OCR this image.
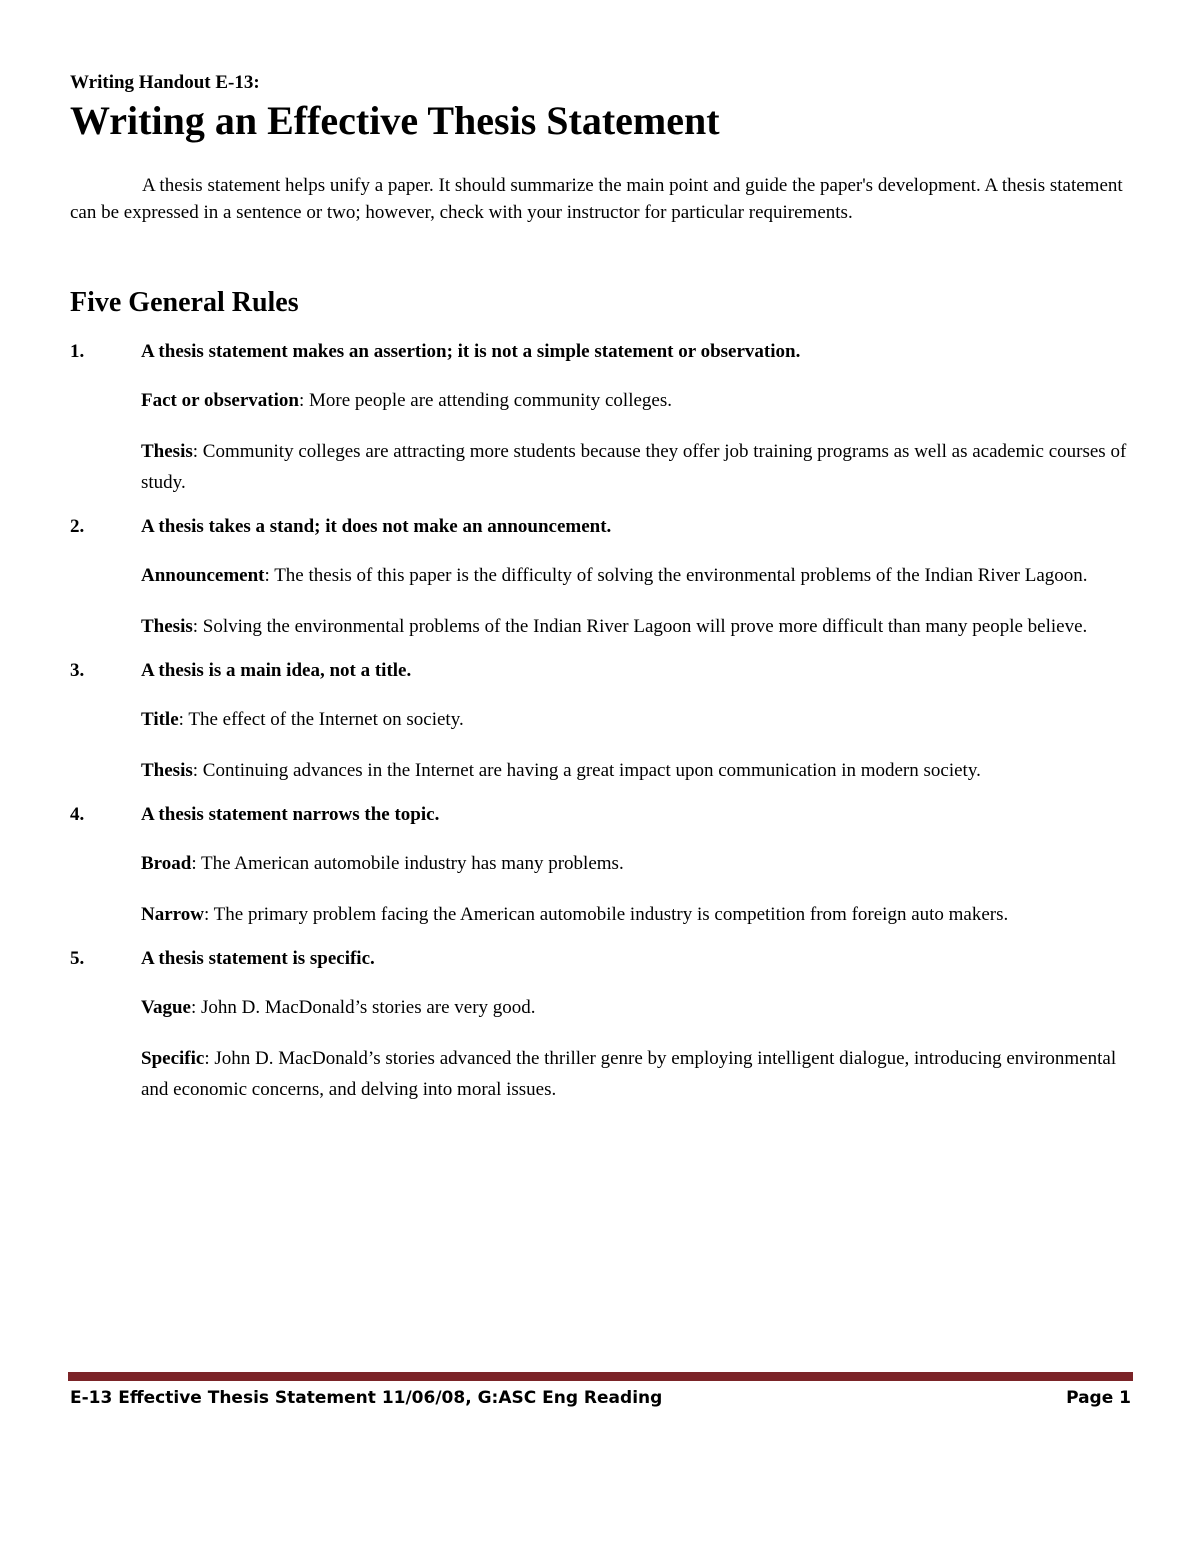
Writing Handout E-13:

Writing an Effective Thesis Statement

A thesis statement helps unify a paper. It should summarize the main point and guide the paper's development. A thesis statement can be expressed in a sentence or two; however, check with your instructor for particular requirements.

Five General Rules
1.	A thesis statement makes an assertion; it is not a simple statement or observation.

Fact or observation: More people are attending community colleges.

Thesis: Community colleges are attracting more students because they offer job training programs as well as academic courses of study.

2.	A thesis takes a stand; it does not make an announcement.

Announcement: The thesis of this paper is the difficulty of solving the environmental problems of the Indian River Lagoon.

Thesis: Solving the environmental problems of the Indian River Lagoon will prove more difficult than many people believe.

3.	A thesis is a main idea, not a title.

Title: The effect of the Internet on society.

Thesis: Continuing advances in the Internet are having a great impact upon communication in modern society.

4.	A thesis statement narrows the topic.

Broad: The American automobile industry has many problems.

Narrow: The primary problem facing the American automobile industry is competition from foreign auto makers.

5.	A thesis statement is specific.

Vague: John D. MacDonald’s stories are very good.

Specific: John D. MacDonald’s stories advanced the thriller genre by employing intelligent dialogue, introducing environmental and economic concerns, and delving into moral issues.

E-13 Effective Thesis Statement 11/06/08, G:ASC Eng Reading	Page 1
